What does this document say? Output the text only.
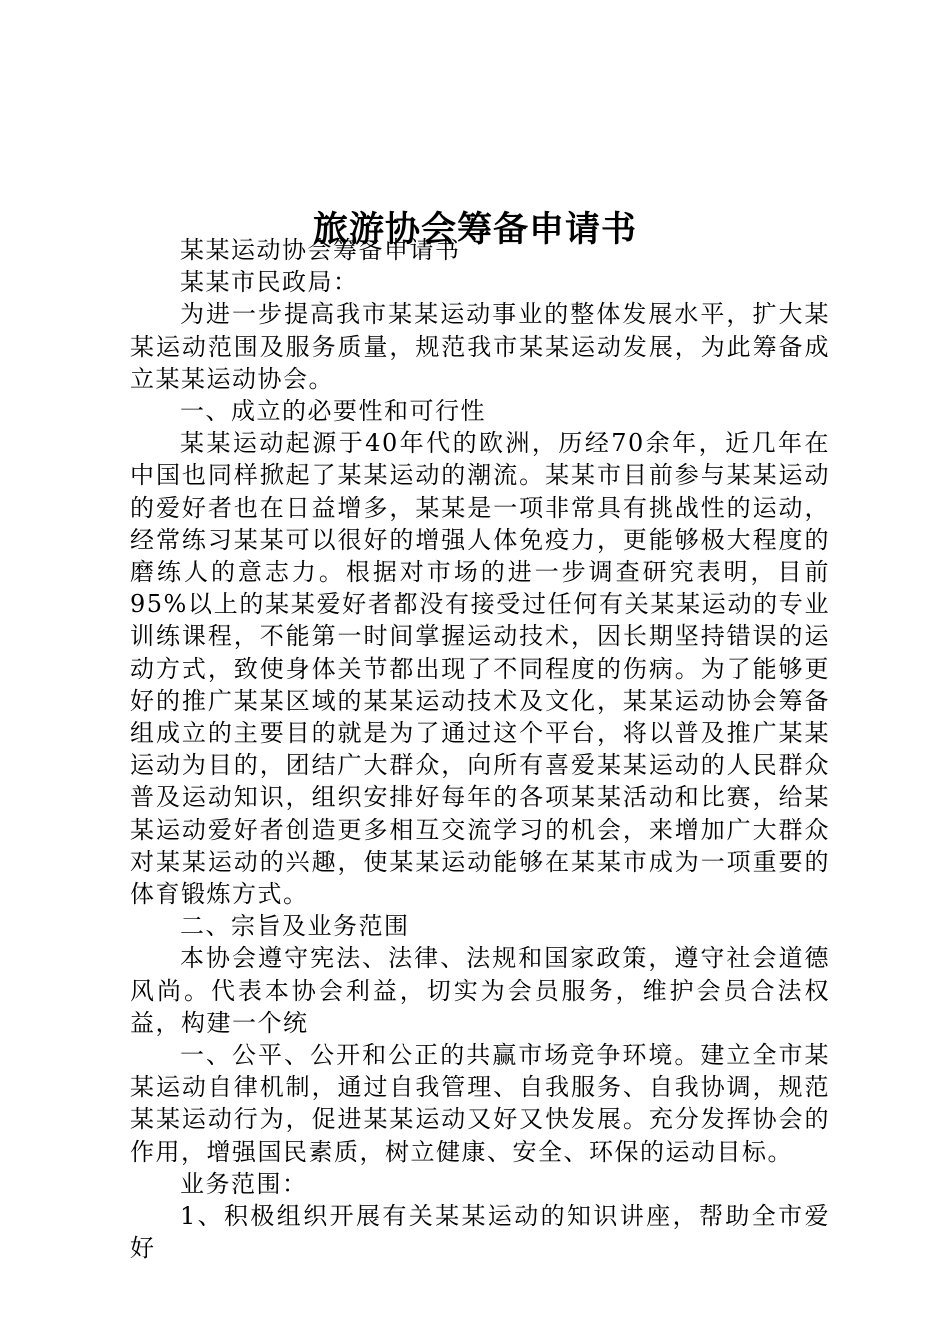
旅游协会筹备申请书

某某运动协会筹备申请书

某某市民政局：

为进一步提高我市某某运动事业的整体发展水平，扩大某某运动范围及服务质量，规范我市某某运动发展，为此筹备成立某某运动协会。

一、成立的必要性和可行性

某某运动起源于40年代的欧洲，历经70余年，近几年在中国也同样掀起了某某运动的潮流。某某市目前参与某某运动的爱好者也在日益增多，某某是一项非常具有挑战性的运动，经常练习某某可以很好的增强人体免疫力，更能够极大程度的磨练人的意志力。根据对市场的进一步调查研究表明，目前95%以上的某某爱好者都没有接受过任何有关某某运动的专业训练课程，不能第一时间掌握运动技术，因长期坚持错误的运动方式，致使身体关节都出现了不同程度的伤病。为了能够更好的推广某某区域的某某运动技术及文化，某某运动协会筹备组成立的主要目的就是为了通过这个平台，将以普及推广某某运动为目的，团结广大群众，向所有喜爱某某运动的人民群众普及运动知识，组织安排好每年的各项某某活动和比赛，给某某运动爱好者创造更多相互交流学习的机会，来增加广大群众对某某运动的兴趣，使某某运动能够在某某市成为一项重要的体育锻炼方式。

二、宗旨及业务范围

本协会遵守宪法、法律、法规和国家政策，遵守社会道德风尚。代表本协会利益，切实为会员服务，维护会员合法权益，构建一个统

一、公平、公开和公正的共赢市场竞争环境。建立全市某某运动自律机制，通过自我管理、自我服务、自我协调，规范某某运动行为，促进某某运动又好又快发展。充分发挥协会的作用，增强国民素质，树立健康、安全、环保的运动目标。

业务范围：

1、积极组织开展有关某某运动的知识讲座，帮助全市爱好
